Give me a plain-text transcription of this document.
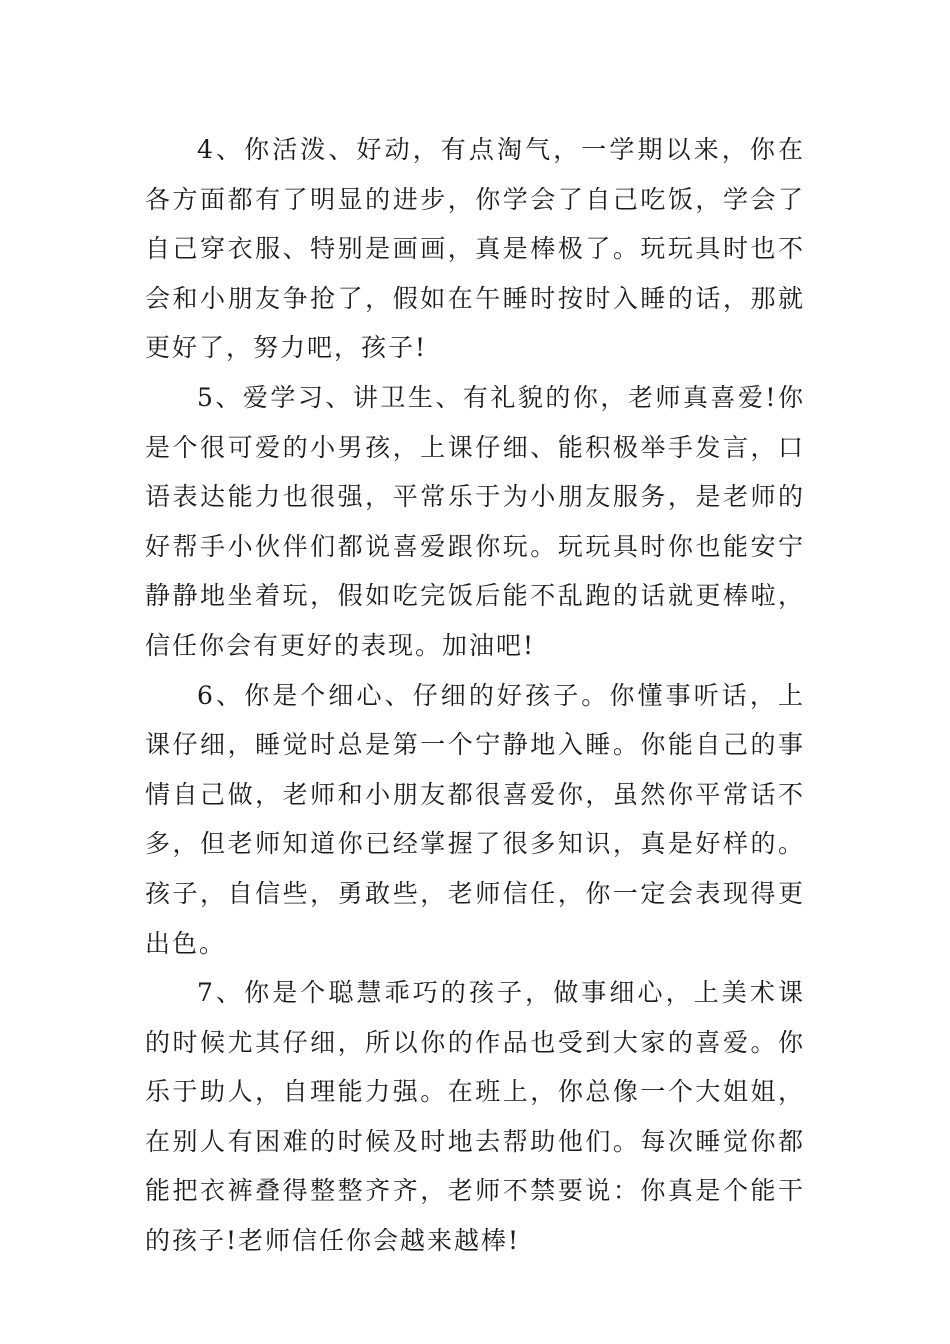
4、你活泼、好动，有点淘气，一学期以来，你在各方面都有了明显的进步，你学会了自己吃饭，学会了自己穿衣服、特别是画画，真是棒极了。玩玩具时也不会和小朋友争抢了，假如在午睡时按时入睡的话，那就更好了，努力吧，孩子!

5、爱学习、讲卫生、有礼貌的你，老师真喜爱!你是个很可爱的小男孩，上课仔细、能积极举手发言，口语表达能力也很强，平常乐于为小朋友服务，是老师的好帮手小伙伴们都说喜爱跟你玩。玩玩具时你也能安宁静静地坐着玩，假如吃完饭后能不乱跑的话就更棒啦，信任你会有更好的表现。加油吧!

6、你是个细心、仔细的好孩子。你懂事听话，上课仔细，睡觉时总是第一个宁静地入睡。你能自己的事情自己做，老师和小朋友都很喜爱你，虽然你平常话不多，但老师知道你已经掌握了很多知识，真是好样的。孩子，自信些，勇敢些，老师信任，你一定会表现得更出色。

7、你是个聪慧乖巧的孩子，做事细心，上美术课的时候尤其仔细，所以你的作品也受到大家的喜爱。你乐于助人，自理能力强。在班上，你总像一个大姐姐，在别人有困难的时候及时地去帮助他们。每次睡觉你都能把衣裤叠得整整齐齐，老师不禁要说：你真是个能干的孩子!老师信任你会越来越棒!
